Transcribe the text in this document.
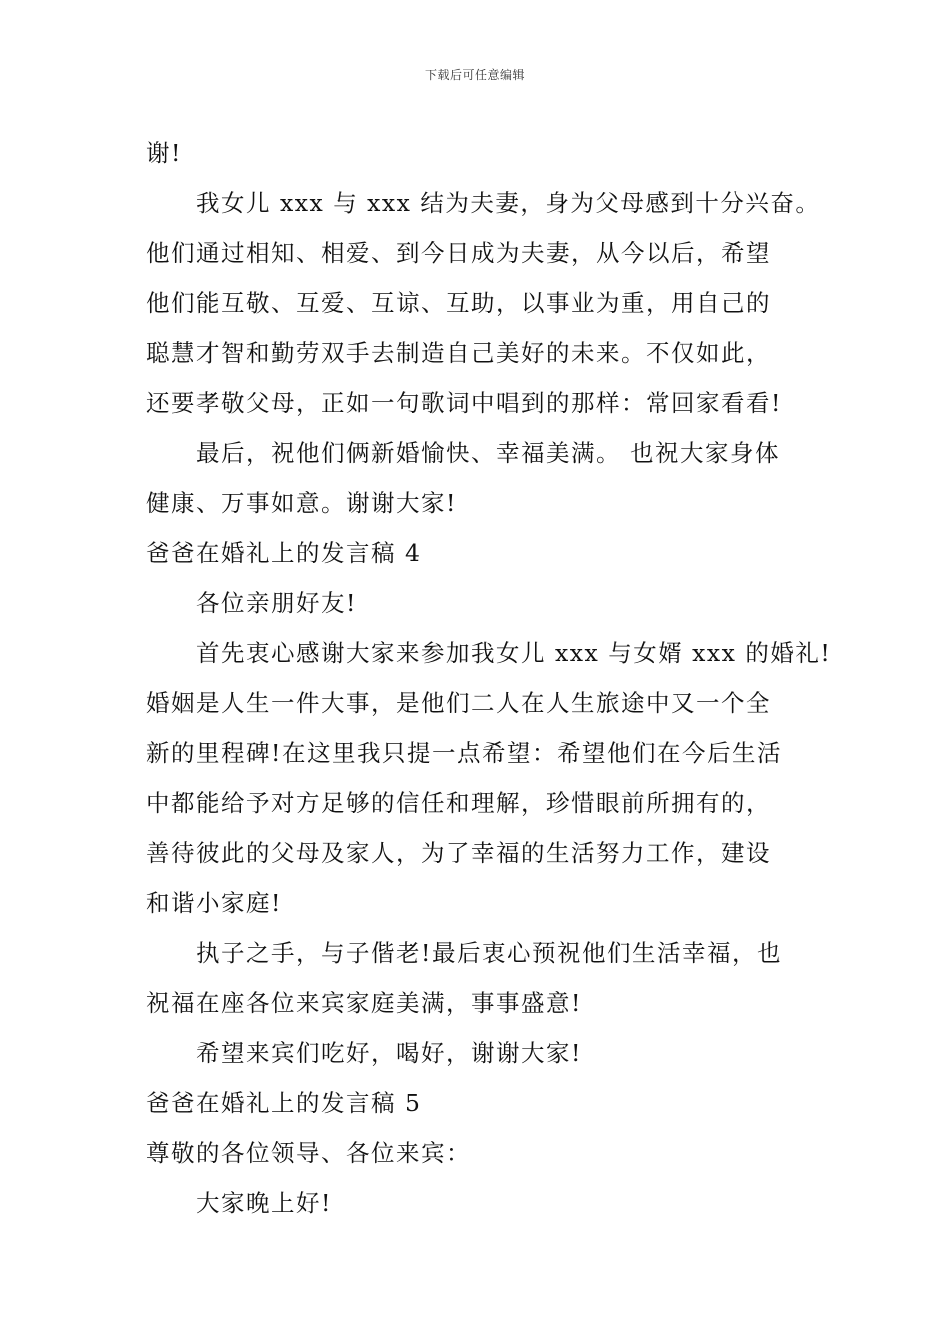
下载后可任意编辑
谢!
我女儿 xxx 与 xxx 结为夫妻，身为父母感到十分兴奋。
他们通过相知、相爱、到今日成为夫妻，从今以后，希望
他们能互敬、互爱、互谅、互助，以事业为重，用自己的
聪慧才智和勤劳双手去制造自己美好的未来。不仅如此，
还要孝敬父母，正如一句歌词中唱到的那样：常回家看看!
最后，祝他们俩新婚愉快、幸福美满。 也祝大家身体
健康、万事如意。谢谢大家!
爸爸在婚礼上的发言稿 4
各位亲朋好友!
首先衷心感谢大家来参加我女儿 xxx 与女婿 xxx 的婚礼!
婚姻是人生一件大事，是他们二人在人生旅途中又一个全
新的里程碑!在这里我只提一点希望：希望他们在今后生活
中都能给予对方足够的信任和理解，珍惜眼前所拥有的，
善待彼此的父母及家人，为了幸福的生活努力工作，建设
和谐小家庭!
执子之手，与子偕老!最后衷心预祝他们生活幸福，也
祝福在座各位来宾家庭美满，事事盛意!
希望来宾们吃好，喝好，谢谢大家!
爸爸在婚礼上的发言稿 5
尊敬的各位领导、各位来宾：
大家晚上好!
